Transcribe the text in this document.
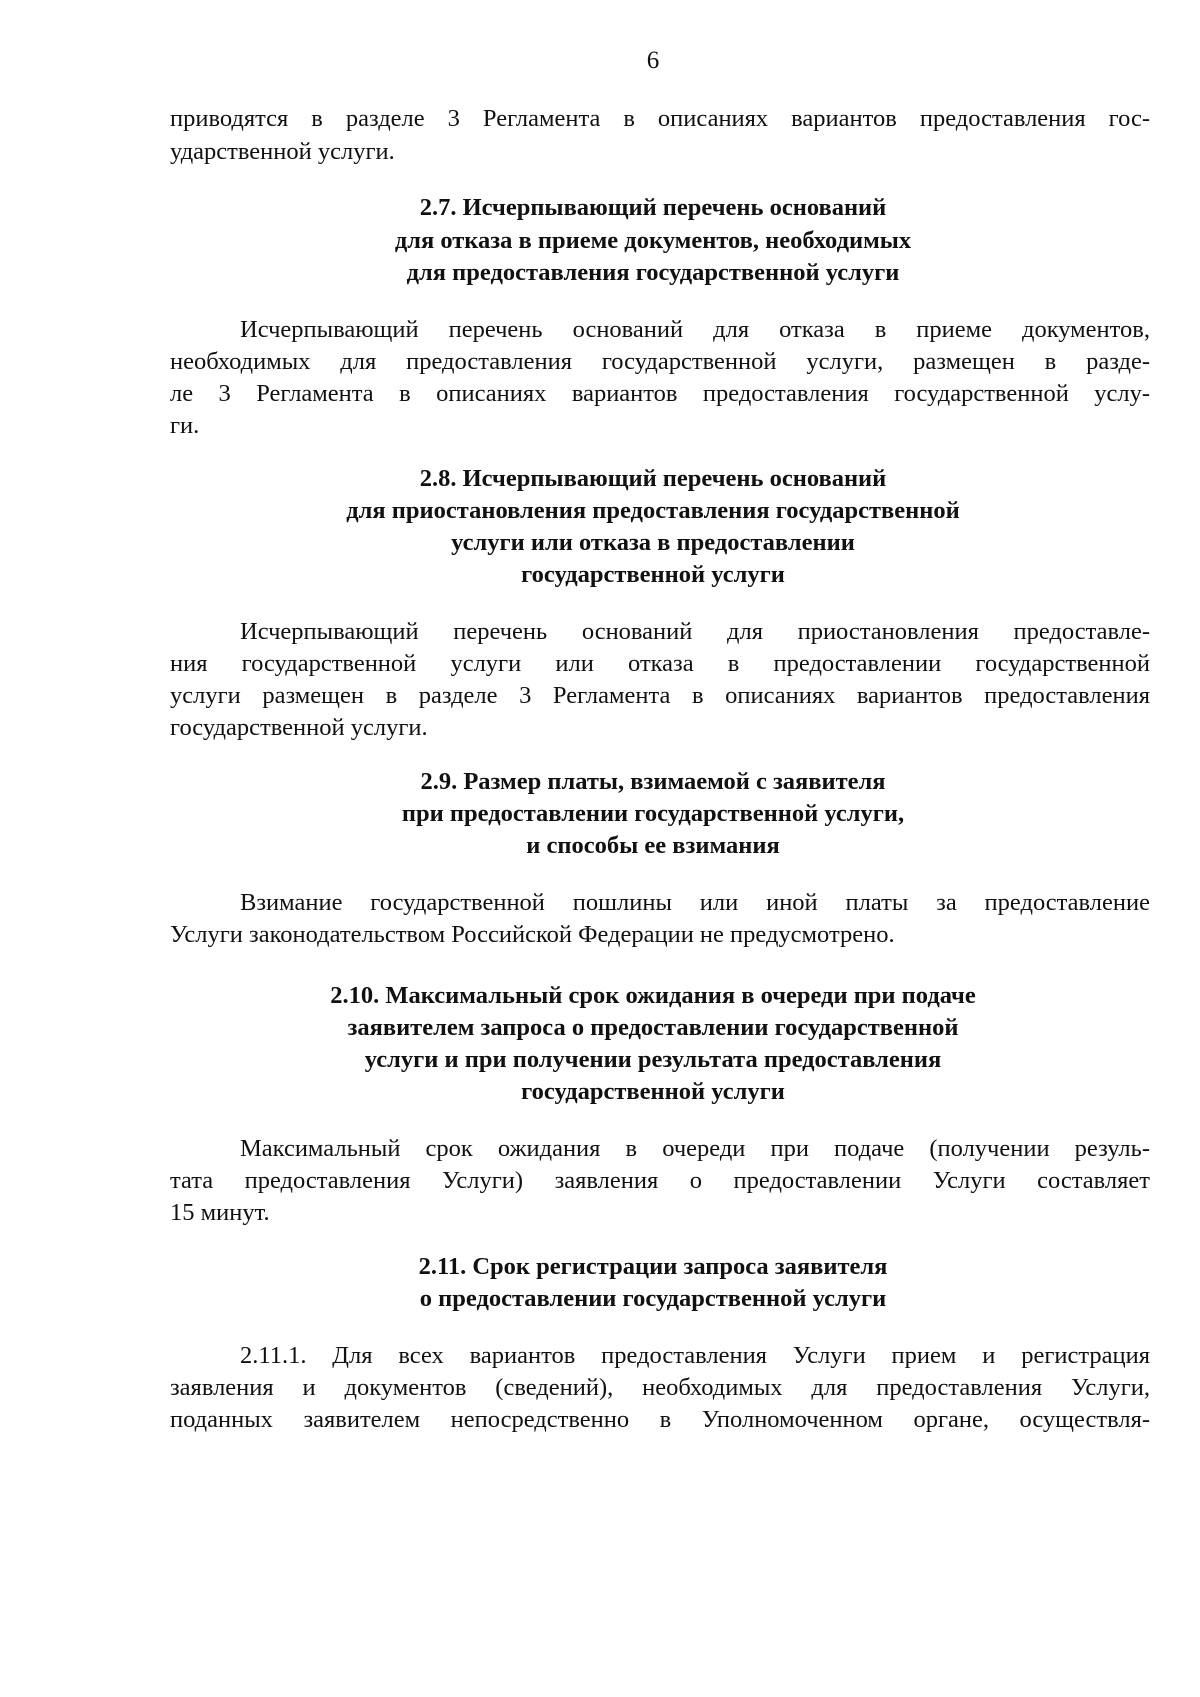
6
приводятся в разделе 3 Регламента в описаниях вариантов предоставления гос-
ударственной услуги.
2.7. Исчерпывающий перечень оснований
для отказа в приеме документов, необходимых
для предоставления государственной услуги
Исчерпывающий перечень оснований для отказа в приеме документов,
необходимых для предоставления государственной услуги, размещен в разде-
ле 3 Регламента в описаниях вариантов предоставления государственной услу-
ги.
2.8. Исчерпывающий перечень оснований
для приостановления предоставления государственной
услуги или отказа в предоставлении
государственной услуги
Исчерпывающий перечень оснований для приостановления предоставле-
ния государственной услуги или отказа в предоставлении государственной
услуги размещен в разделе 3 Регламента в описаниях вариантов предоставления
государственной услуги.
2.9. Размер платы, взимаемой с заявителя
при предоставлении государственной услуги,
и способы ее взимания
Взимание государственной пошлины или иной платы за предоставление
Услуги законодательством Российской Федерации не предусмотрено.
2.10. Максимальный срок ожидания в очереди при подаче
заявителем запроса о предоставлении государственной
услуги и при получении результата предоставления
государственной услуги
Максимальный срок ожидания в очереди при подаче (получении резуль-
тата предоставления Услуги) заявления о предоставлении Услуги составляет
15 минут.
2.11. Срок регистрации запроса заявителя
о предоставлении государственной услуги
2.11.1. Для всех вариантов предоставления Услуги прием и регистрация
заявления и документов (сведений), необходимых для предоставления Услуги,
поданных заявителем непосредственно в Уполномоченном органе, осуществля-
